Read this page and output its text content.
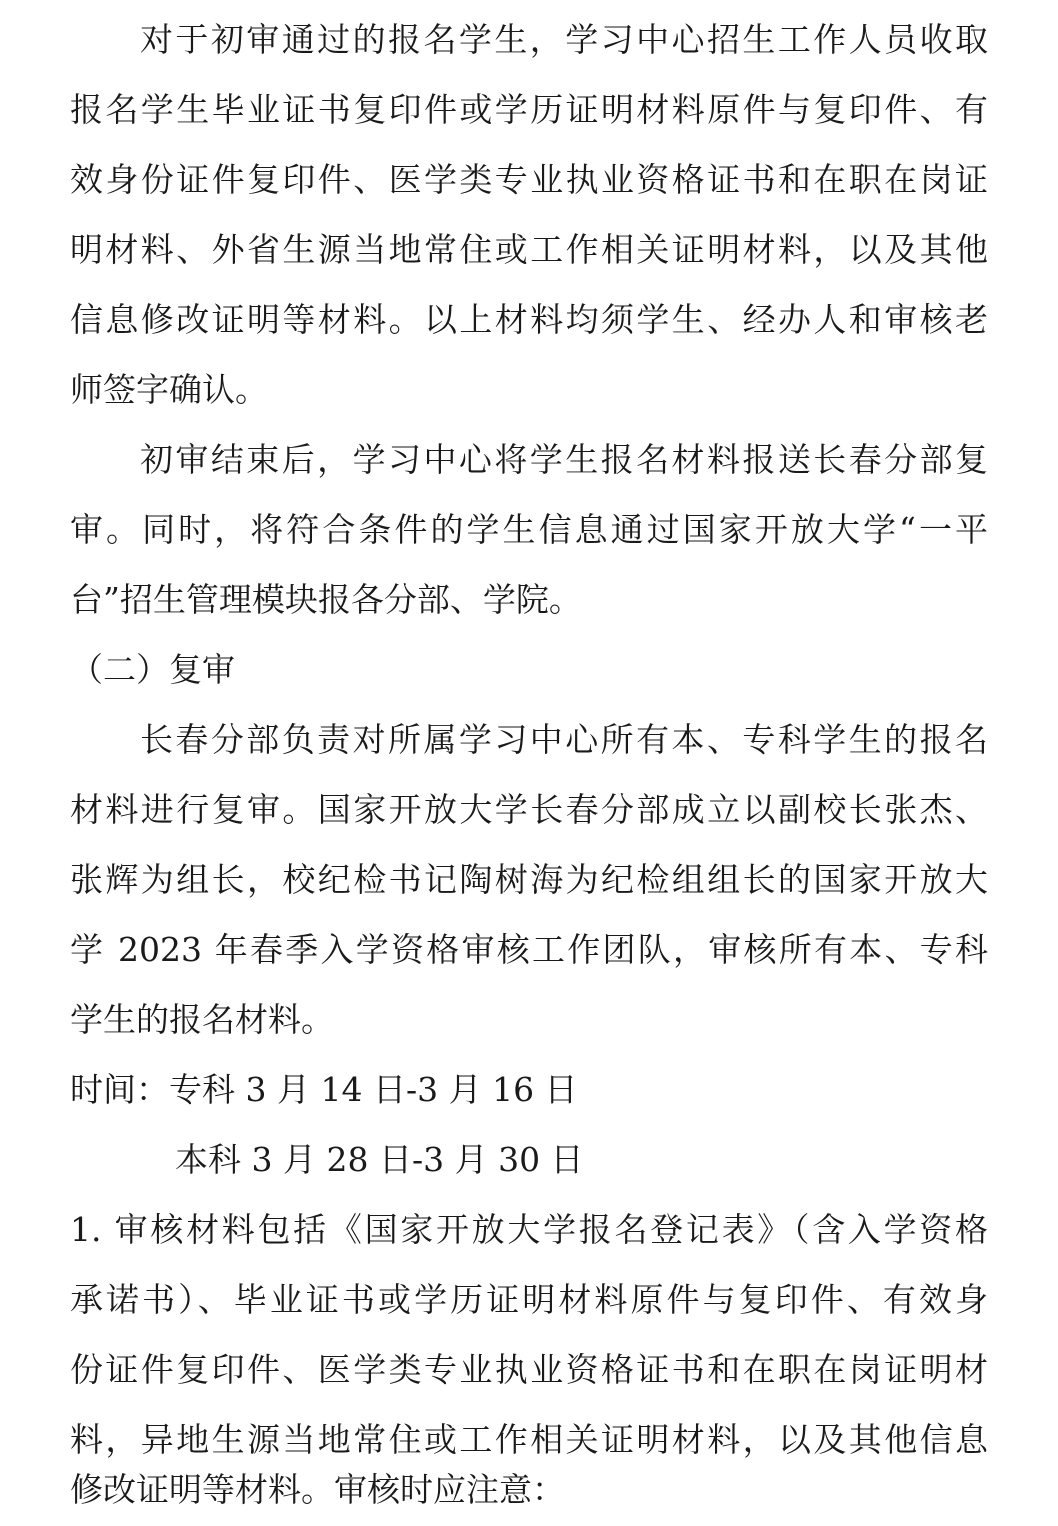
对于初审通过的报名学生，学习中心招生工作人员收取
报名学生毕业证书复印件或学历证明材料原件与复印件、有
效身份证件复印件、医学类专业执业资格证书和在职在岗证
明材料、外省生源当地常住或工作相关证明材料，以及其他
信息修改证明等材料。以上材料均须学生、经办人和审核老
师签字确认。
初审结束后，学习中心将学生报名材料报送长春分部复
审。同时，将符合条件的学生信息通过国家开放大学“一平
台”招生管理模块报各分部、学院。
（二）复审
长春分部负责对所属学习中心所有本、专科学生的报名
材料进行复审。国家开放大学长春分部成立以副校长张杰、
张辉为组长，校纪检书记陶树海为纪检组组长的国家开放大
学 2023 年春季入学资格审核工作团队，审核所有本、专科
学生的报名材料。
时间：专科 3 月 14 日-3 月 16 日
本科 3 月 28 日-3 月 30 日
1. 审核材料包括《国家开放大学报名登记表》（含入学资格
承诺书）、毕业证书或学历证明材料原件与复印件、有效身
份证件复印件、医学类专业执业资格证书和在职在岗证明材
料，异地生源当地常住或工作相关证明材料，以及其他信息
修改证明等材料。审核时应注意：
